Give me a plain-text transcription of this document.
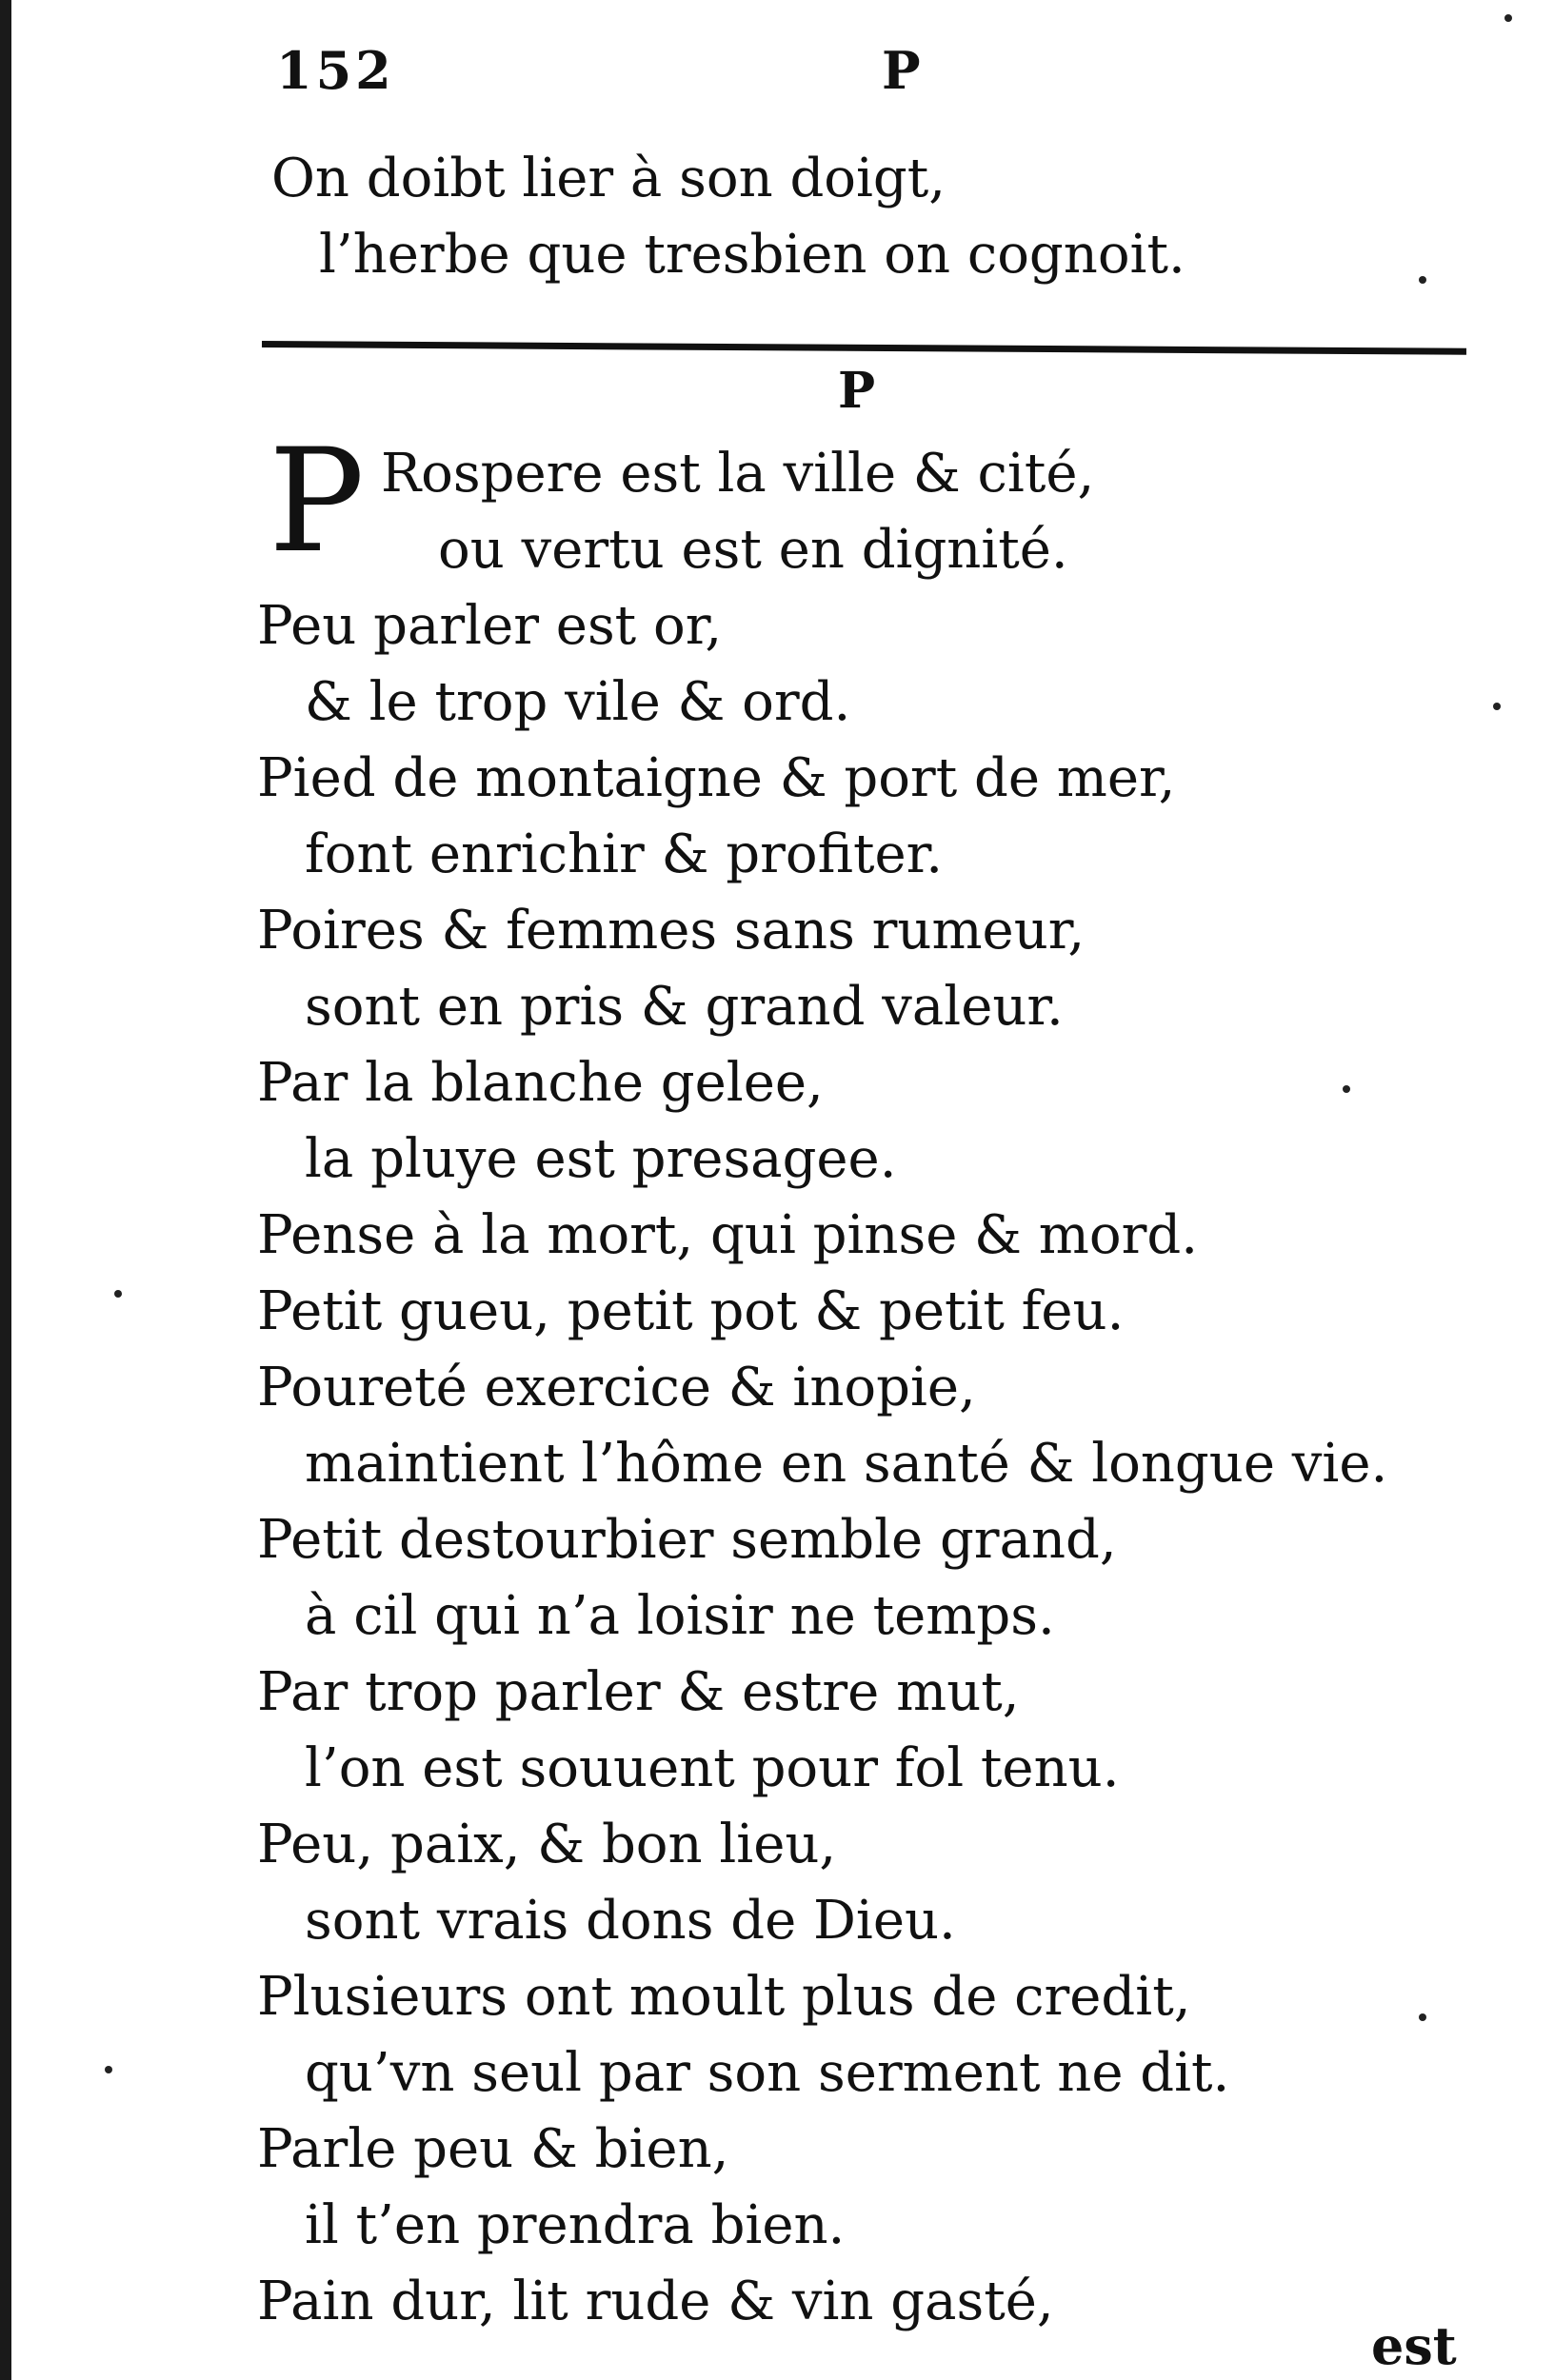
152	P

On doibt lier à son doigt,

l’herbe que tresbien on cognoit.

P
P Rospere est la ville & cité,

ou vertu est en dignité.

Peu parler est or,

& le trop vile & ord.

Pied de montaigne & port de mer,

font enrichir & profiter.

Poires & femmes sans rumeur,

sont en pris & grand valeur.

Par la blanche gelee,

la pluye est presagee.

Pense à la mort, qui pinse & mord.

Petit gueu, petit pot & petit feu.

Poureté exercice & inopie,

maintient l’hôme en santé & longue vie.

Petit destourbier semble grand,

à cil qui n’a loisir ne temps.

Par trop parler & estre mut,

l’on est souuent pour fol tenu.

Peu, paix, & bon lieu,

sont vrais dons de Dieu.

Plusieurs ont moult plus de credit,

qu’vn seul par son serment ne dit.

Parle peu & bien,

il t’en prendra bien.

Pain dur, lit rude & vin gasté,

est
